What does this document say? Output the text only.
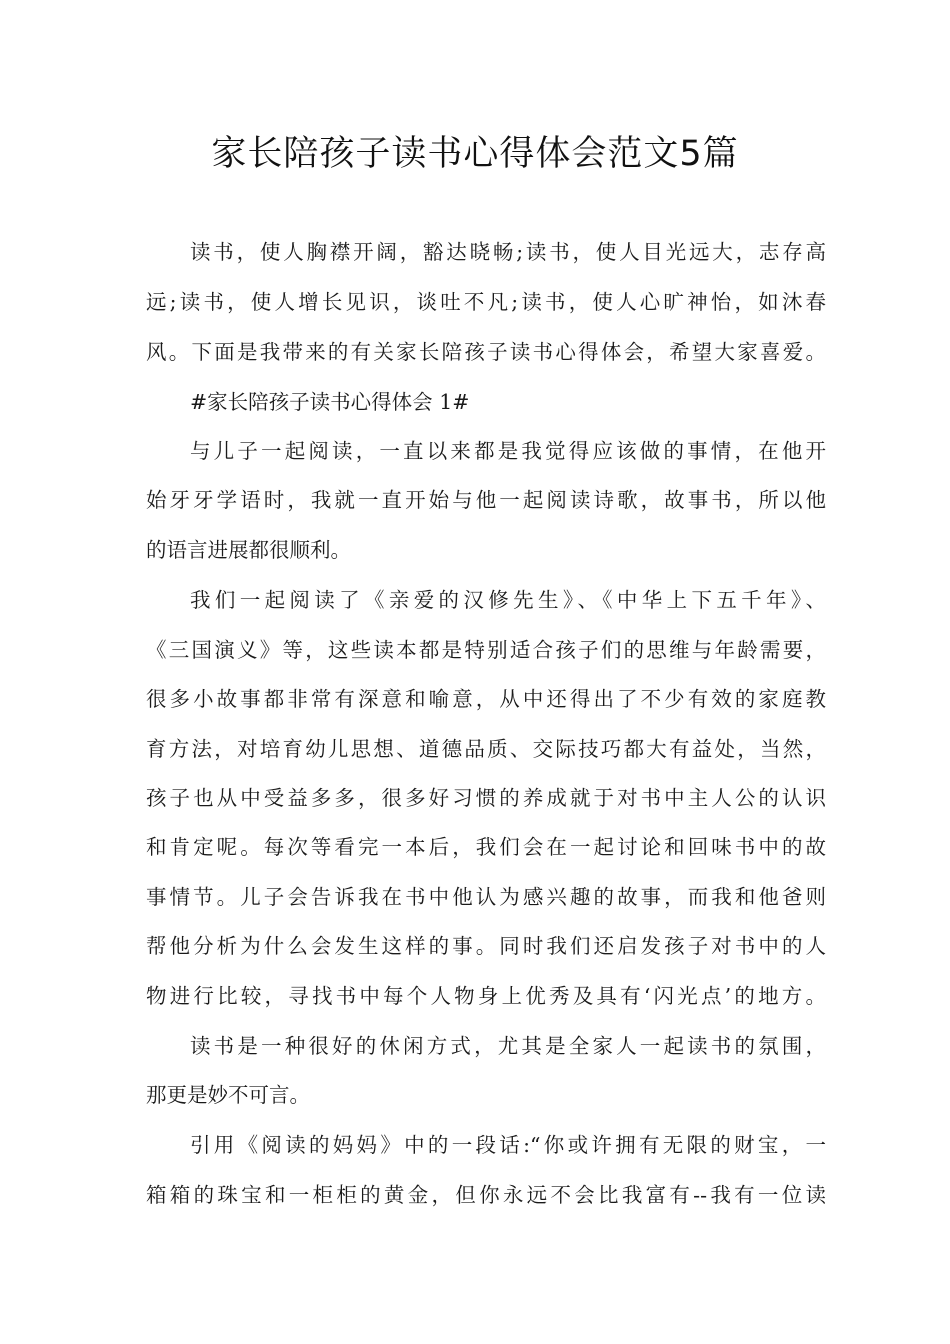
家长陪孩子读书心得体会范文5篇

读书，使人胸襟开阔，豁达晓畅;读书，使人目光远大，志存高

远;读书，使人增长见识，谈吐不凡;读书，使人心旷神怡，如沐春

风。下面是我带来的有关家长陪孩子读书心得体会，希望大家喜爱。

#家长陪孩子读书心得体会 1#

与儿子一起阅读，一直以来都是我觉得应该做的事情，在他开

始牙牙学语时，我就一直开始与他一起阅读诗歌，故事书，所以他

的语言进展都很顺利。

我们一起阅读了《亲爱的汉修先生》、《中华上下五千年》、

《三国演义》等，这些读本都是特别适合孩子们的思维与年龄需要，

很多小故事都非常有深意和喻意，从中还得出了不少有效的家庭教

育方法，对培育幼儿思想、道德品质、交际技巧都大有益处，当然，

孩子也从中受益多多，很多好习惯的养成就于对书中主人公的认识

和肯定呢。每次等看完一本后，我们会在一起讨论和回味书中的故

事情节。儿子会告诉我在书中他认为感兴趣的故事，而我和他爸则

帮他分析为什么会发生这样的事。同时我们还启发孩子对书中的人

物进行比较，寻找书中每个人物身上优秀及具有‘闪光点’的地方。

读书是一种很好的休闲方式，尤其是全家人一起读书的氛围，

那更是妙不可言。

引用《阅读的妈妈》中的一段话:“你或许拥有无限的财宝，一

箱箱的珠宝和一柜柜的黄金，但你永远不会比我富有--我有一位读
